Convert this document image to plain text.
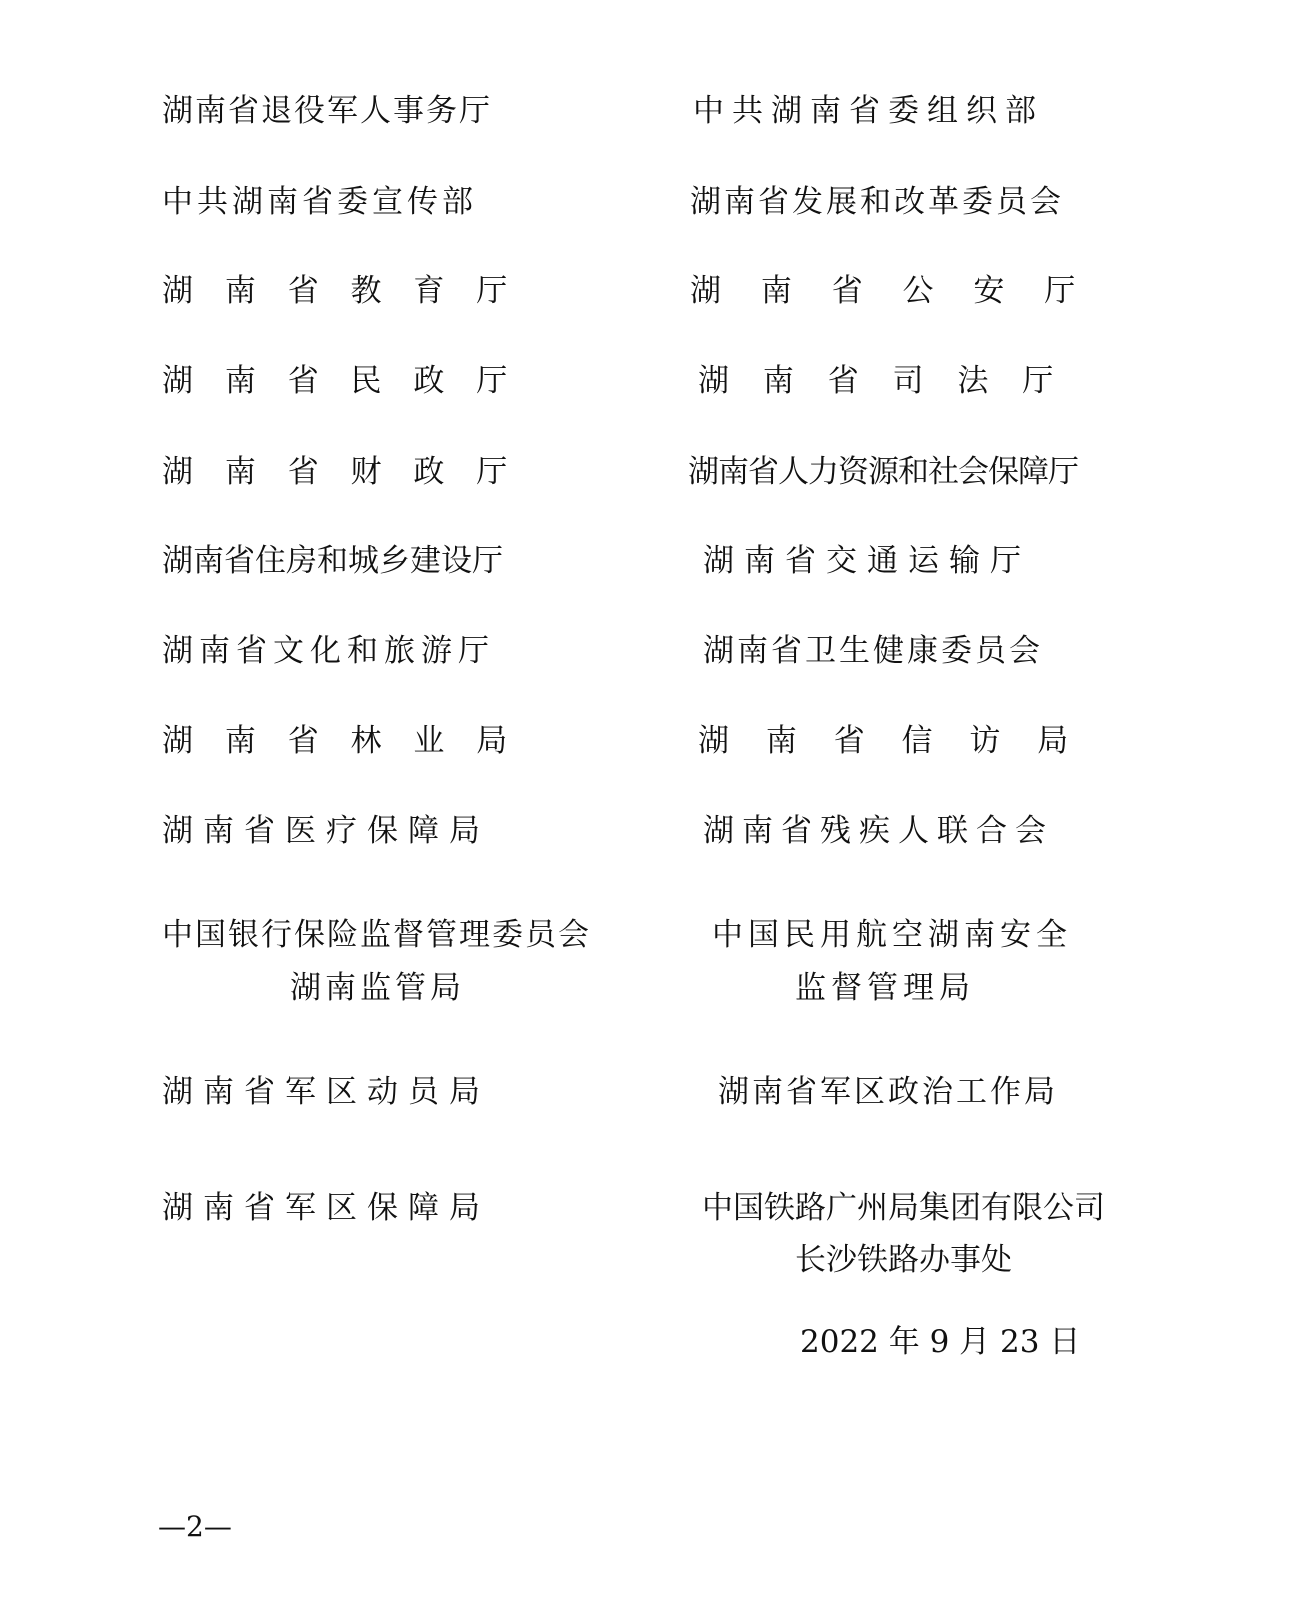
湖南省退役军人事务厅
中共湖南省委宣传部
湖 南 省 教 育 厅
湖 南 省 民 政 厅
湖 南 省 财 政 厅
湖南省住房和城乡建设厅
湖南省文化和旅游厅
湖 南 省 林 业 局
湖南省医疗保障局
中国银行保险监督管理委员会
湖南监管局
湖南省军区动员局
湖南省军区保障局
中共湖南省委组织部
湖南省发展和改革委员会
湖 南 省 公 安 厅
湖 南 省 司 法 厅
湖南省人力资源和社会保障厅
湖南省交通运输厅
湖南省卫生健康委员会
湖 南 省 信 访 局
湖南省残疾人联合会
中国民用航空湖南安全
监督管理局
湖南省军区政治工作局
中国铁路广州局集团有限公司
长沙铁路办事处
2022 年 9 月 23 日
—2—
